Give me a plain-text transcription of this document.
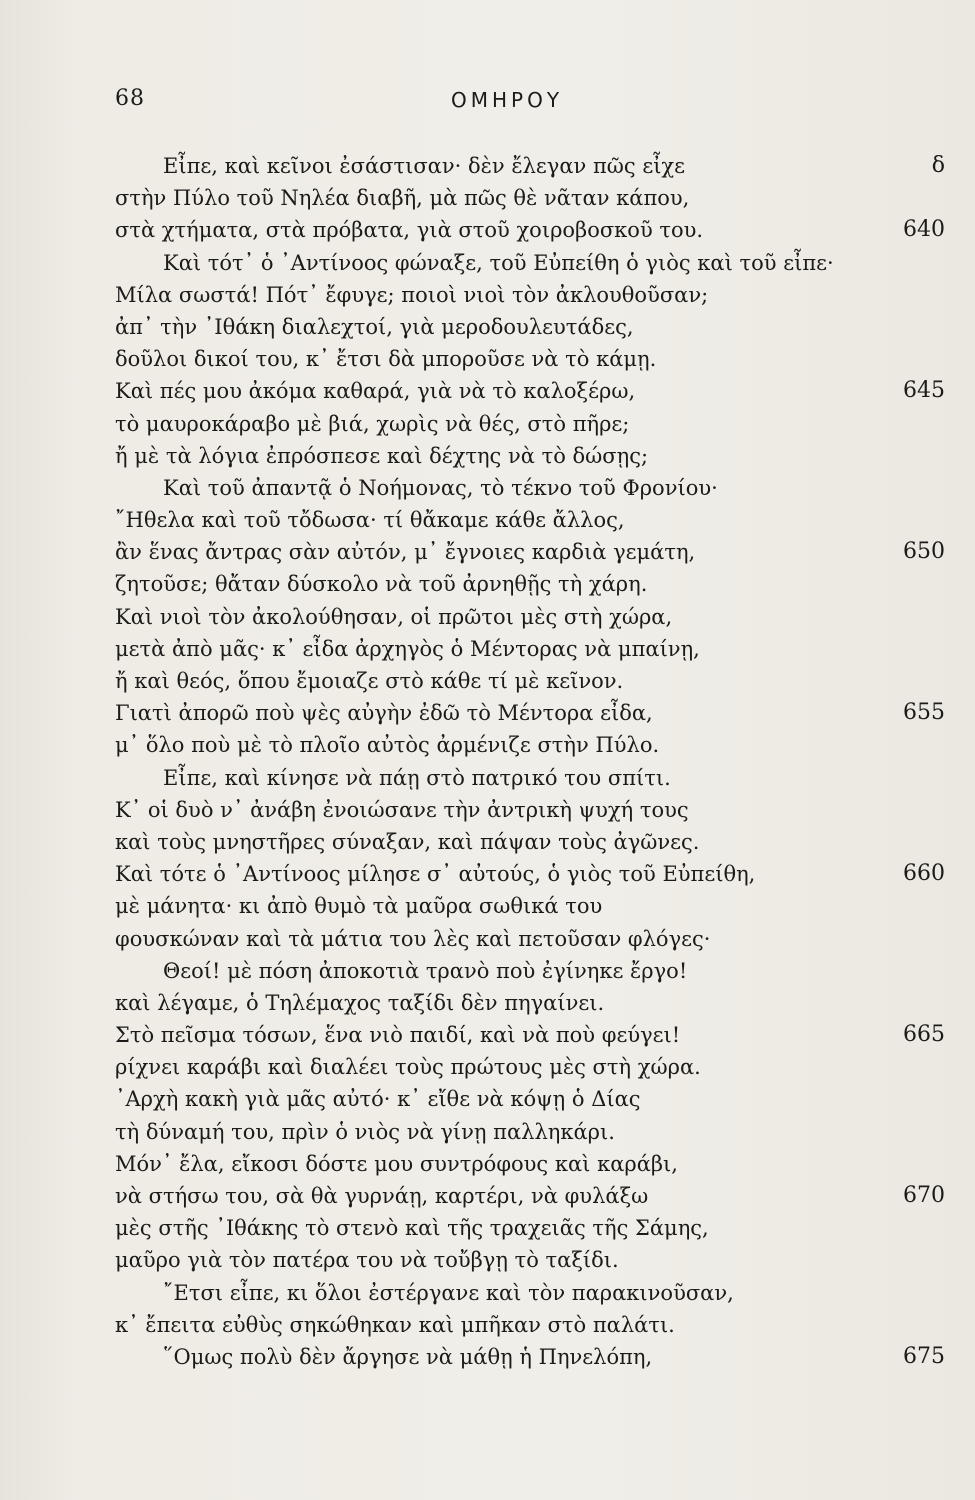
68	ΟΜΗΡΟΥ
Εἶπε, καὶ κεῖνοι ἐσάστισαν· δὲν ἔλεγαν πῶς εἶχε	δ
στὴν Πύλο τοῦ Νηλέα διαβῆ, μὰ πῶς θὲ νᾶταν κάπου,
στὰ χτήματα, στὰ πρόβατα, γιὰ στοῦ χοιροβοσκοῦ του.	640
Καὶ τότ᾽ ὁ ᾽Αντίνοος φώναξε, τοῦ Εὐπείθη ὁ γιὸς καὶ τοῦ εἶπε·
Μίλα σωστά! Πότ᾽ ἔφυγε; ποιοὶ νιοὶ τὸν ἀκλουθοῦσαν;
ἀπ᾽ τὴν ᾽Ιθάκη διαλεχτοί, γιὰ μεροδουλευτάδες,
δοῦλοι δικοί του, κ᾽ ἔτσι δὰ μποροῦσε νὰ τὸ κάμῃ.
Καὶ πές μου ἀκόμα καθαρά, γιὰ νὰ τὸ καλοξέρω,	645
τὸ μαυροκάραβο μὲ βιά, χωρὶς νὰ θές, στὸ πῆρε;
ἤ μὲ τὰ λόγια ἐπρόσπεσε καὶ δέχτης νὰ τὸ δώσῃς;
Καὶ τοῦ ἀπαντᾷ ὁ Νοήμονας, τὸ τέκνο τοῦ Φρονίου·
῎Ηθελα καὶ τοῦ τὄδωσα· τί θἄκαμε κάθε ἄλλος,
ἂν ἕνας ἄντρας σὰν αὐτόν, μ᾽ ἔγνοιες καρδιὰ γεμάτη,	650
ζητοῦσε; θἄταν δύσκολο νὰ τοῦ ἀρνηθῇς τὴ χάρη.
Καὶ νιοὶ τὸν ἀκολούθησαν, οἱ πρῶτοι μὲς στὴ χώρα,
μετὰ ἀπὸ μᾶς· κ᾽ εἶδα ἀρχηγὸς ὁ Μέντορας νὰ μπαίνῃ,
ἤ καὶ θεός, ὅπου ἔμοιαζε στὸ κάθε τί μὲ κεῖνον.
Γιατὶ ἀπορῶ ποὺ ψὲς αὐγὴν ἐδῶ τὸ Μέντορα εἶδα,	655
μ᾽ ὅλο ποὺ μὲ τὸ πλοῖο αὐτὸς ἀρμένιζε στὴν Πύλο.
Εἶπε, καὶ κίνησε νὰ πάῃ στὸ πατρικό του σπίτι.
Κ᾽ οἱ δυὸ ν᾽ ἀνάβη ἐνοιώσανε τὴν ἀντρικὴ ψυχή τους
καὶ τοὺς μνηστῆρες σύναξαν, καὶ πάψαν τοὺς ἀγῶνες.
Καὶ τότε ὁ ᾽Αντίνοος μίλησε σ᾽ αὐτούς, ὁ γιὸς τοῦ Εὐπείθη,	660
μὲ μάνητα· κι ἀπὸ θυμὸ τὰ μαῦρα σωθικά του
φουσκώναν καὶ τὰ μάτια του λὲς καὶ πετοῦσαν φλόγες·
Θεοί! μὲ πόση ἀποκοτιὰ τρανὸ ποὺ ἐγίνηκε ἔργο!
καὶ λέγαμε, ὁ Τηλέμαχος ταξίδι δὲν πηγαίνει.
Στὸ πεῖσμα τόσων, ἕνα νιὸ παιδί, καὶ νὰ ποὺ φεύγει!	665
ρίχνει καράβι καὶ διαλέει τοὺς πρώτους μὲς στὴ χώρα.
᾽Αρχὴ κακὴ γιὰ μᾶς αὐτό· κ᾽ εἴθε νὰ κόψῃ ὁ Δίας
τὴ δύναμή του, πρὶν ὁ νιὸς νὰ γίνῃ παλληκάρι.
Μόν᾽ ἔλα, εἴκοσι δόστε μου συντρόφους καὶ καράβι,
νὰ στήσω του, σὰ θὰ γυρνάῃ, καρτέρι, νὰ φυλάξω	670
μὲς στῆς ᾽Ιθάκης τὸ στενὸ καὶ τῆς τραχειᾶς τῆς Σάμης,
μαῦρο γιὰ τὸν πατέρα του νὰ τοὔβγῃ τὸ ταξίδι.
῎Ετσι εἶπε, κι ὅλοι ἐστέργανε καὶ τὸν παρακινοῦσαν,
κ᾽ ἔπειτα εὐθὺς σηκώθηκαν καὶ μπῆκαν στὸ παλάτι.
῞Ομως πολὺ δὲν ἄργησε νὰ μάθῃ ἡ Πηνελόπη,	675
